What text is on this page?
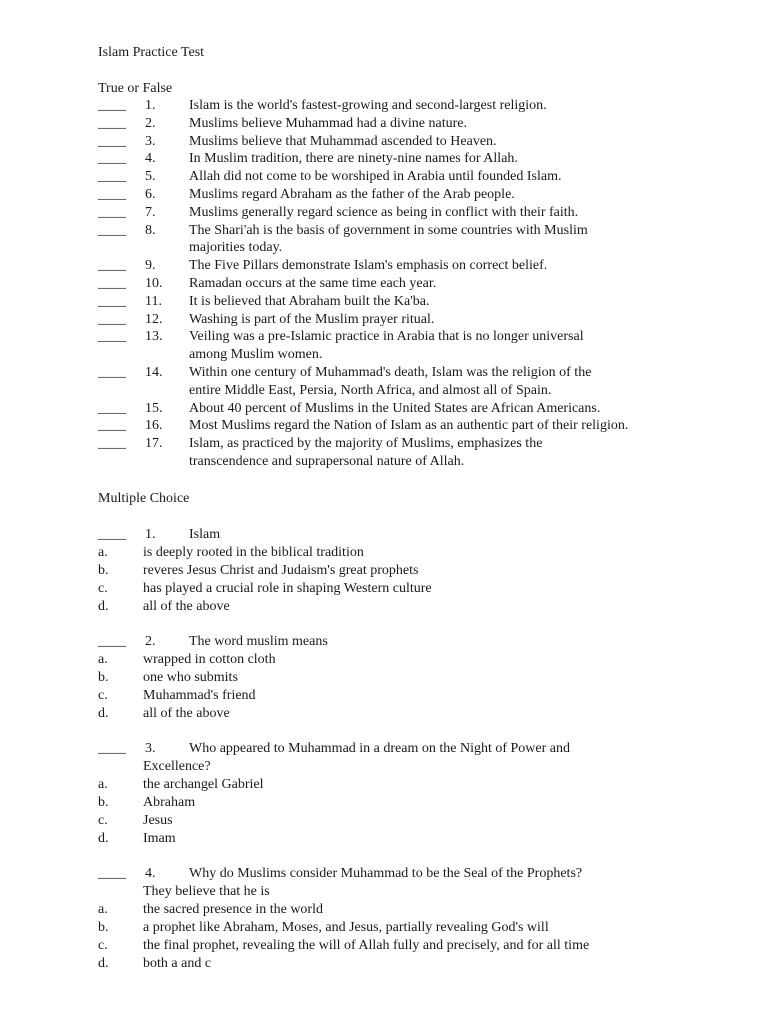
Islam Practice Test
True or False
____ 1. Islam is the world's fastest-growing and second-largest religion.
____ 2. Muslims believe Muhammad had a divine nature.
____ 3. Muslims believe that Muhammad ascended to Heaven.
____ 4. In Muslim tradition, there are ninety-nine names for Allah.
____ 5. Allah did not come to be worshiped in Arabia until founded Islam.
____ 6. Muslims regard Abraham as the father of the Arab people.
____ 7. Muslims generally regard science as being in conflict with their faith.
____ 8. The Shari'ah is the basis of government in some countries with Muslim
majorities today.
____ 9. The Five Pillars demonstrate Islam's emphasis on correct belief.
____ 10. Ramadan occurs at the same time each year.
____ 11. It is believed that Abraham built the Ka'ba.
____ 12. Washing is part of the Muslim prayer ritual.
____ 13. Veiling was a pre-Islamic practice in Arabia that is no longer universal
among Muslim women.
____ 14. Within one century of Muhammad's death, Islam was the religion of the
entire Middle East, Persia, North Africa, and almost all of Spain.
____ 15. About 40 percent of Muslims in the United States are African Americans.
____ 16. Most Muslims regard the Nation of Islam as an authentic part of their religion.
____ 17. Islam, as practiced by the majority of Muslims, emphasizes the
transcendence and suprapersonal nature of Allah.
Multiple Choice
____ 1. Islam
a.	is deeply rooted in the biblical tradition
b. reveres Jesus Christ and Judaism's great prophets
c.	has played a crucial role in shaping Western culture
d. all of the above
____ 2. The word muslim means
a.	wrapped in cotton cloth
b. one who submits
c.	Muhammad's friend
d. all of the above
____ 3. Who appeared to Muhammad in a dream on the Night of Power and
Excellence?
a.	the archangel Gabriel
b. Abraham
c.	Jesus
d. Imam
____ 4. Why do Muslims consider Muhammad to be the Seal of the Prophets?
They believe that he is
a.	the sacred presence in the world
b. a prophet like Abraham, Moses, and Jesus, partially revealing God's will
c.	the final prophet, revealing the will of Allah fully and precisely, and for all time
d. both a and c
